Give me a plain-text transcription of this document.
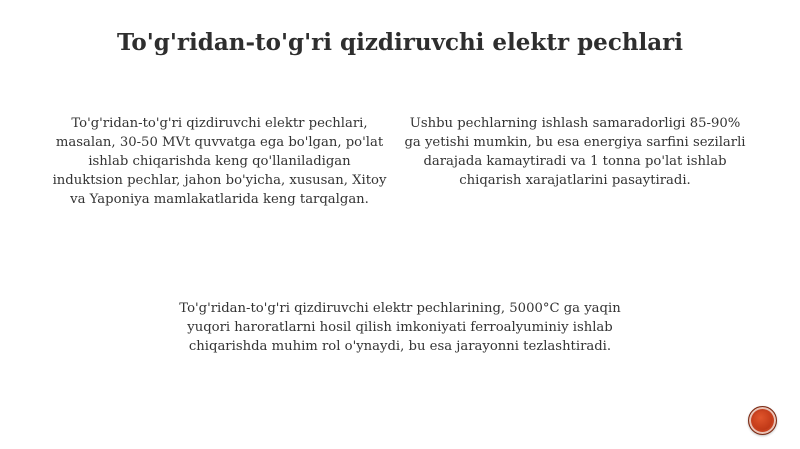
To'g'ridan-to'g'ri qizdiruvchi elektr pechlari

To'g'ridan-to'g'ri qizdiruvchi elektr pechlari, masalan, 30-50 MVt quvvatga ega bo'lgan, po'lat ishlab chiqarishda keng qo'llaniladigan induktsion pechlar, jahon bo'yicha, xususan, Xitoy va Yaponiya mamlakatlarida keng tarqalgan.

Ushbu pechlarning ishlash samaradorligi 85-90% ga yetishi mumkin, bu esa energiya sarfini sezilarli darajada kamaytiradi va 1 tonna po'lat ishlab chiqarish xarajatlarini pasaytiradi.

To'g'ridan-to'g'ri qizdiruvchi elektr pechlarining, 5000°C ga yaqin yuqori haroratlarni hosil qilish imkoniyati ferroalyuminiy ishlab chiqarishda muhim rol o'ynaydi, bu esa jarayonni tezlashtiradi.
